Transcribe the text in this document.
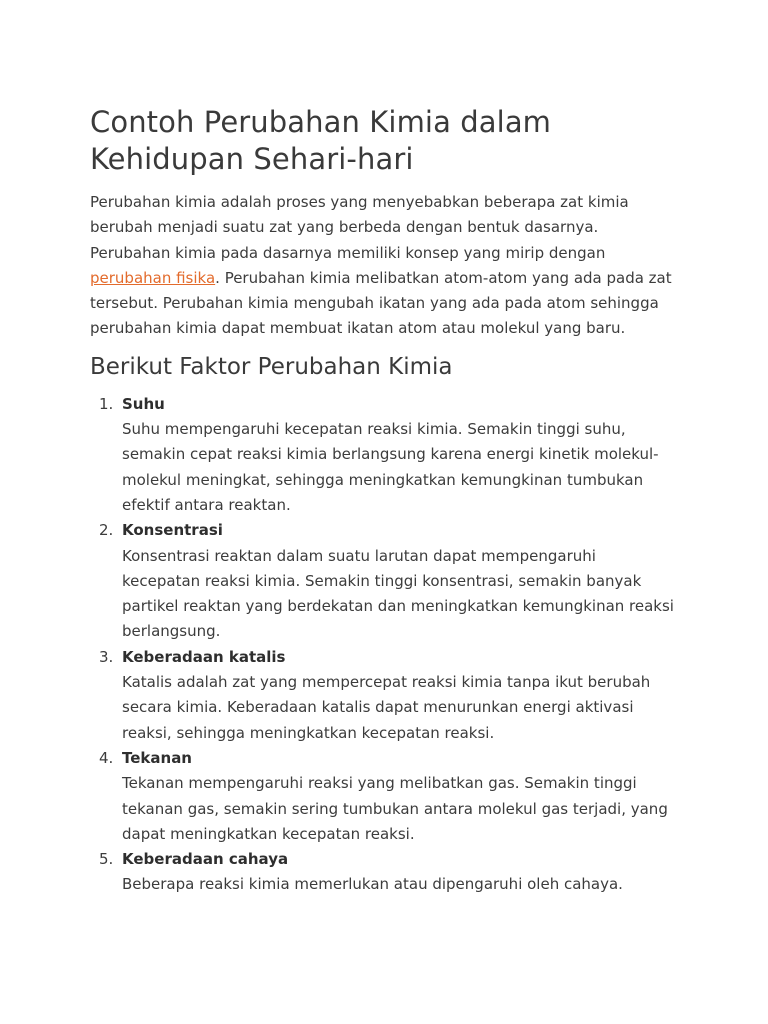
Contoh Perubahan Kimia dalam Kehidupan Sehari-hari

Perubahan kimia adalah proses yang menyebabkan beberapa zat kimia berubah menjadi suatu zat yang berbeda dengan bentuk dasarnya. Perubahan kimia pada dasarnya memiliki konsep yang mirip dengan perubahan fisika. Perubahan kimia melibatkan atom-atom yang ada pada zat tersebut. Perubahan kimia mengubah ikatan yang ada pada atom sehingga perubahan kimia dapat membuat ikatan atom atau molekul yang baru.

Berikut Faktor Perubahan Kimia
1. Suhu
Suhu mempengaruhi kecepatan reaksi kimia. Semakin tinggi suhu, semakin cepat reaksi kimia berlangsung karena energi kinetik molekul-molekul meningkat, sehingga meningkatkan kemungkinan tumbukan efektif antara reaktan.
2. Konsentrasi
Konsentrasi reaktan dalam suatu larutan dapat mempengaruhi kecepatan reaksi kimia. Semakin tinggi konsentrasi, semakin banyak partikel reaktan yang berdekatan dan meningkatkan kemungkinan reaksi berlangsung.
3. Keberadaan katalis
Katalis adalah zat yang mempercepat reaksi kimia tanpa ikut berubah secara kimia. Keberadaan katalis dapat menurunkan energi aktivasi reaksi, sehingga meningkatkan kecepatan reaksi.
4. Tekanan
Tekanan mempengaruhi reaksi yang melibatkan gas. Semakin tinggi tekanan gas, semakin sering tumbukan antara molekul gas terjadi, yang dapat meningkatkan kecepatan reaksi.
5. Keberadaan cahaya
Beberapa reaksi kimia memerlukan atau dipengaruhi oleh cahaya.
